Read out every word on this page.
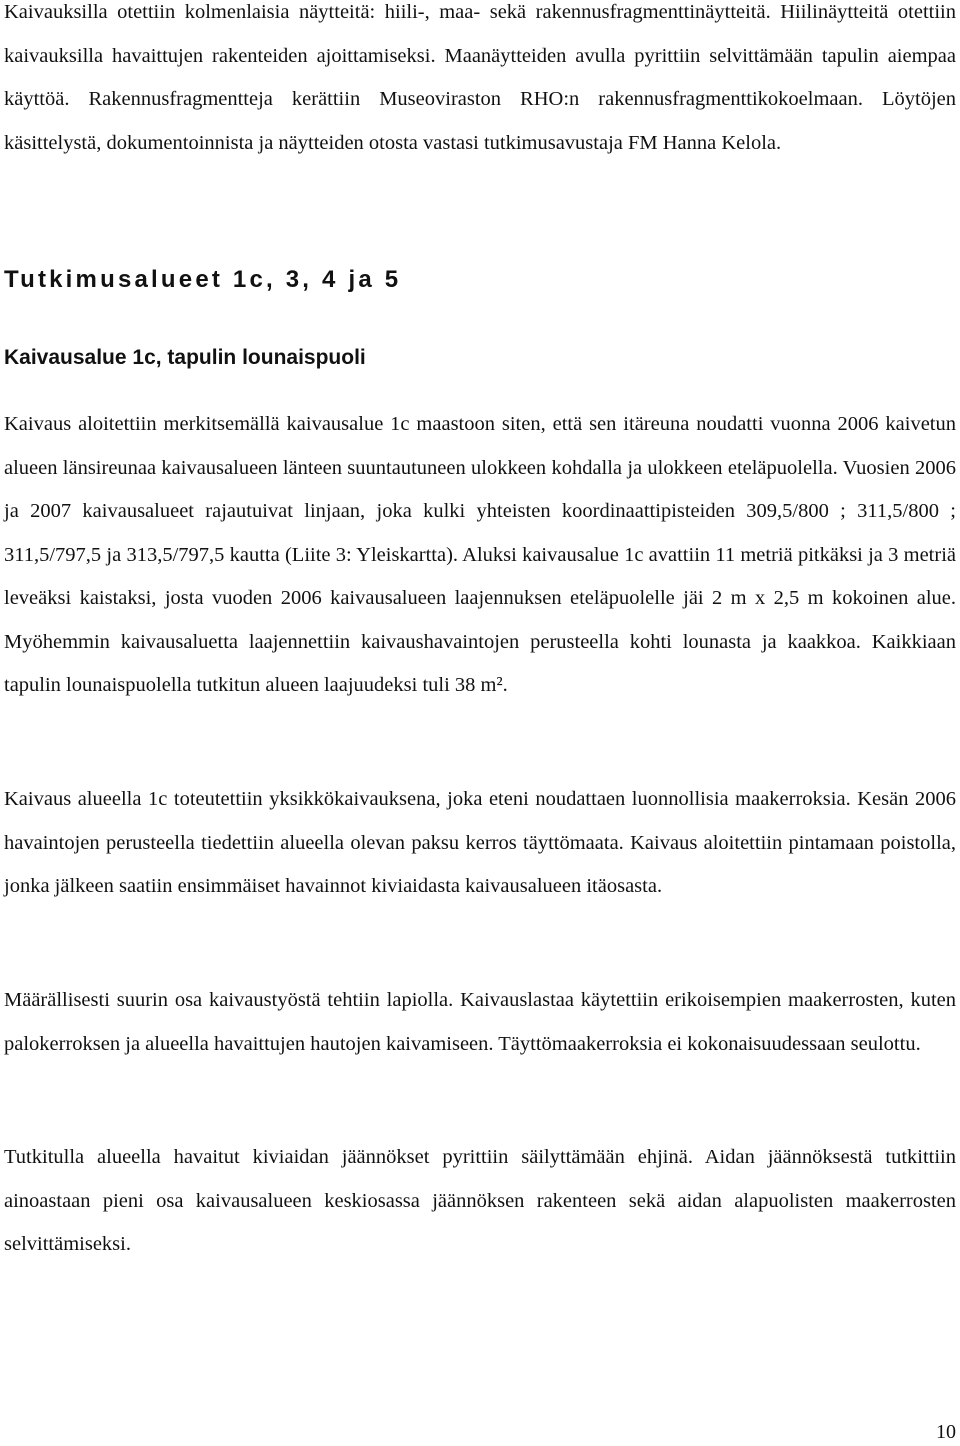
Kaivauksilla otettiin kolmenlaisia näytteitä: hiili-, maa- sekä rakennusfragmenttinäytteitä. Hiilinäytteitä otettiin kaivauksilla havaittujen rakenteiden ajoittamiseksi. Maanäytteiden avulla pyrittiin selvittämään tapulin aiempaa käyttöä. Rakennusfragmentteja kerättiin Museoviraston RHO:n rakennusfragmenttikokoelmaan. Löytöjen käsittelystä, dokumentoinnista ja näytteiden otosta vastasi tutkimusavustaja FM Hanna Kelola.

Tutkimusalueet 1c, 3, 4 ja 5
Kaivausalue 1c, tapulin lounaispuoli

Kaivaus aloitettiin merkitsemällä kaivausalue 1c maastoon siten, että sen itäreuna noudatti vuonna 2006 kaivetun alueen länsireunaa kaivausalueen länteen suuntautuneen ulokkeen kohdalla ja ulokkeen eteläpuolella. Vuosien 2006 ja 2007 kaivausalueet rajautuivat linjaan, joka kulki yhteisten koordinaattipisteiden 309,5/800 ; 311,5/800 ; 311,5/797,5 ja 313,5/797,5 kautta (Liite 3: Yleiskartta). Aluksi kaivausalue 1c avattiin 11 metriä pitkäksi ja 3 metriä leveäksi kaistaksi, josta vuoden 2006 kaivausalueen laajennuksen eteläpuolelle jäi 2 m x 2,5 m kokoinen alue. Myöhemmin kaivausaluetta laajennettiin kaivaushavaintojen perusteella kohti lounasta ja kaakkoa. Kaikkiaan tapulin lounaispuolella tutkitun alueen laajuudeksi tuli 38 m².

Kaivaus alueella 1c toteutettiin yksikkökaivauksena, joka eteni noudattaen luonnollisia maakerroksia. Kesän 2006 havaintojen perusteella tiedettiin alueella olevan paksu kerros täyttömaata. Kaivaus aloitettiin pintamaan poistolla, jonka jälkeen saatiin ensimmäiset havainnot kiviaidasta kaivausalueen itäosasta.

Määrällisesti suurin osa kaivaustyöstä tehtiin lapiolla. Kaivauslastaa käytettiin erikoisempien maakerrosten, kuten palokerroksen ja alueella havaittujen hautojen kaivamiseen. Täyttömaakerroksia ei kokonaisuudessaan seulottu.

Tutkitulla alueella havaitut kiviaidan jäännökset pyrittiin säilyttämään ehjinä. Aidan jäännöksestä tutkittiin ainoastaan pieni osa kaivausalueen keskiosassa jäännöksen rakenteen sekä aidan alapuolisten maakerrosten selvittämiseksi.

10
